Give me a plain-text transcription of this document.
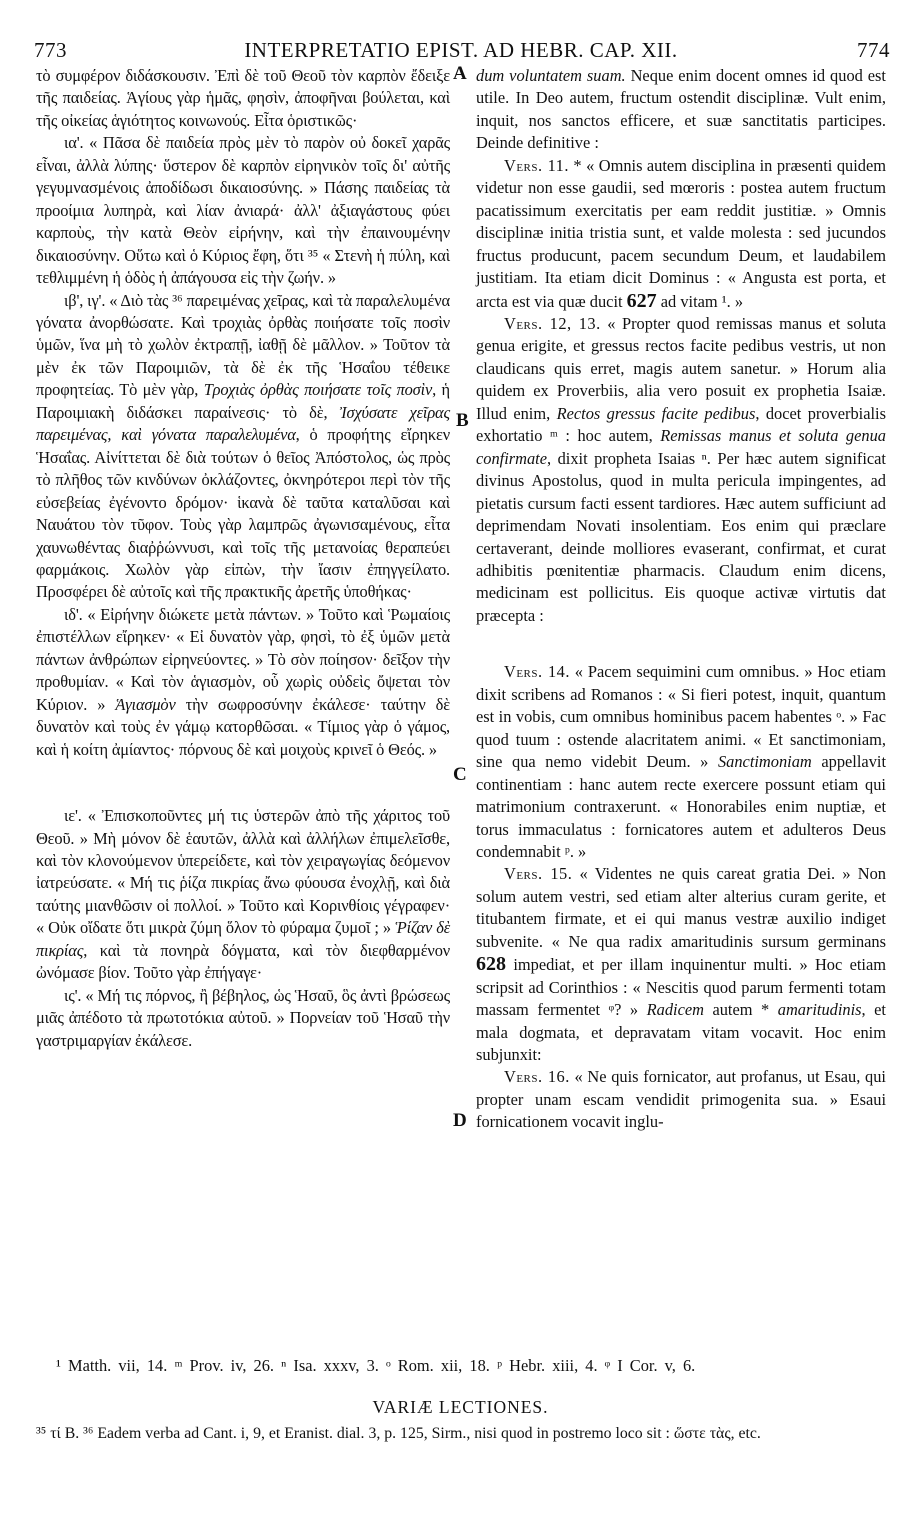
773	INTERPRETATIO EPIST. AD HEBR. CAP. XII.	774

τὸ συμφέρον διδάσκουσιν. Ἐπὶ δὲ τοῦ Θεοῦ τὸν καρπὸν ἔδειξε τῆς παιδείας. Ἁγίους γὰρ ἡμᾶς, φησὶν, ἀποφῆναι βούλεται, καὶ τῆς οἰκείας ἁγιότητος κοινωνούς. Εἶτα ὁριστικῶς·

ια'. « Πᾶσα δὲ παιδεία πρὸς μὲν τὸ παρὸν οὐ δοκεῖ χαρᾶς εἶναι, ἀλλὰ λύπης· ὕστερον δὲ καρπὸν εἰρηνικὸν τοῖς δι' αὐτῆς γεγυμνασμένοις ἀποδίδωσι δικαιοσύνης. » Πάσης παιδείας τὰ προοίμια λυπηρὰ, καὶ λίαν ἀνιαρά· ἀλλ' ἀξιαγάστους φύει καρποὺς, τὴν κατὰ Θεὸν εἰρήνην, καὶ τὴν ἐπαινουμένην δικαιοσύνην. Οὕτω καὶ ὁ Κύριος ἔφη, ὅτι ³⁵ « Στενὴ ἡ πύλη, καὶ τεθλιμμένη ἡ ὁδὸς ἡ ἀπάγουσα εἰς τὴν ζωήν. »

ιβ', ιγ'. « Διὸ τὰς ³⁶ παρειμένας χεῖρας, καὶ τὰ παραλελυμένα γόνατα ἀνορθώσατε. Καὶ τροχιὰς ὀρθὰς ποιήσατε τοῖς ποσὶν ὑμῶν, ἵνα μὴ τὸ χωλὸν ἐκτραπῇ, ἰαθῇ δὲ μᾶλλον. » Τοῦτον τὰ μὲν ἐκ τῶν Παροιμιῶν, τὰ δὲ ἐκ τῆς Ἡσαΐου τέθεικε προφητείας. Τὸ μὲν γὰρ, Τροχιὰς ὀρθὰς ποιήσατε τοῖς ποσὶν, ἡ Παροιμιακὴ διδάσκει παραίνεσις· τὸ δὲ, Ἰσχύσατε χεῖρας παρειμένας, καὶ γόνατα παραλελυμένα, ὁ προφήτης εἴρηκεν Ἡσαΐας. Αἰνίττεται δὲ διὰ τούτων ὁ θεῖος Ἀπόστολος, ὡς πρὸς τὸ πλῆθος τῶν κινδύνων ὀκλάζοντες, ὀκνηρότεροι περὶ τὸν τῆς εὐσεβείας ἐγένοντο δρόμον· ἱκανὰ δὲ ταῦτα καταλῦσαι καὶ Ναυάτου τὸν τῦφον. Τοὺς γὰρ λαμπρῶς ἀγωνισαμένους, εἶτα χαυνωθέντας διαῤῥώννυσι, καὶ τοῖς τῆς μετανοίας θεραπεύει φαρμάκοις. Χωλὸν γὰρ εἰπὼν, τὴν ἴασιν ἐπηγγείλατο. Προσφέρει δὲ αὐτοῖς καὶ τῆς πρακτικῆς ἀρετῆς ὑποθήκας·

ιδ'. « Εἰρήνην διώκετε μετὰ πάντων. » Τοῦτο καὶ Ῥωμαίοις ἐπιστέλλων εἴρηκεν· « Εἰ δυνατὸν γὰρ, φησὶ, τὸ ἐξ ὑμῶν μετὰ πάντων ἀνθρώπων εἰρηνεύοντες. » Τὸ σὸν ποίησον· δεῖξον τὴν προθυμίαν. « Καὶ τὸν ἁγιασμὸν, οὗ χωρὶς οὐδεὶς ὄψεται τὸν Κύριον. » Ἁγιασμὸν τὴν σωφροσύνην ἐκάλεσε· ταύτην δὲ δυνατὸν καὶ τοὺς ἐν γάμῳ κατορθῶσαι. « Τίμιος γὰρ ὁ γάμος, καὶ ἡ κοίτη ἀμίαντος· πόρνους δὲ καὶ μοιχοὺς κρινεῖ ὁ Θεός. »

ιε'. « Ἐπισκοποῦντες μή τις ὑστερῶν ἀπὸ τῆς χάριτος τοῦ Θεοῦ. » Μὴ μόνον δὲ ἑαυτῶν, ἀλλὰ καὶ ἀλλήλων ἐπιμελεῖσθε, καὶ τὸν κλονούμενον ὑπερείδετε, καὶ τὸν χειραγωγίας δεόμενον ἰατρεύσατε. « Μή τις ῥίζα πικρίας ἄνω φύουσα ἐνοχλῇ, καὶ διὰ ταύτης μιανθῶσιν οἱ πολλοί. » Τοῦτο καὶ Κορινθίοις γέγραφεν· « Οὐκ οἴδατε ὅτι μικρὰ ζύμη ὅλον τὸ φύραμα ζυμοῖ ; » Ῥίζαν δὲ πικρίας, καὶ τὰ πονηρὰ δόγματα, καὶ τὸν διεφθαρμένον ὠνόμασε βίον. Τοῦτο γὰρ ἐπήγαγε·

ις'. « Μή τις πόρνος, ἢ βέβηλος, ὡς Ἡσαῦ, ὃς ἀντὶ βρώσεως μιᾶς ἀπέδοτο τὰ πρωτοτόκια αὐτοῦ. » Πορνείαν τοῦ Ἡσαῦ τὴν γαστριμαργίαν ἐκάλεσε.

A
B
C
D

dum voluntatem suam. Neque enim docent omnes id quod est utile. In Deo autem, fructum ostendit disciplinæ. Vult enim, inquit, nos sanctos efficere, et suæ sanctitatis participes. Deinde definitive :

Vers. 11. * « Omnis autem disciplina in præsenti quidem videtur non esse gaudii, sed mœroris : postea autem fructum pacatissimum exercitatis per eam reddit justitiæ. » Omnis disciplinæ initia tristia sunt, et valde molesta : sed jucundos fructus producunt, pacem secundum Deum, et laudabilem justitiam. Ita etiam dicit Dominus : « Angusta est porta, et arcta est via quæ ducit 627 ad vitam ¹. »

Vers. 12, 13. « Propter quod remissas manus et soluta genua erigite, et gressus rectos facite pedibus vestris, ut non claudicans quis erret, magis autem sanetur. » Horum alia quidem ex Proverbiis, alia vero posuit ex prophetia Isaiæ. Illud enim, Rectos gressus facite pedibus, docet proverbialis exhortatio ᵐ : hoc autem, Remissas manus et soluta genua confirmate, dixit propheta Isaias ⁿ. Per hæc autem significat divinus Apostolus, quod in multa pericula impingentes, ad pietatis cursum facti essent tardiores. Hæc autem sufficiunt ad deprimendam Novati insolentiam. Eos enim qui præclare certaverant, deinde molliores evaserant, confirmat, et curat adhibitis pœnitentiæ pharmacis. Claudum enim dicens, medicinam est pollicitus. Eis quoque activæ virtutis dat præcepta :

Vers. 14. « Pacem sequimini cum omnibus. » Hoc etiam dixit scribens ad Romanos : « Si fieri potest, inquit, quantum est in vobis, cum omnibus hominibus pacem habentes ᵒ. » Fac quod tuum : ostende alacritatem animi. « Et sanctimoniam, sine qua nemo videbit Deum. » Sanctimoniam appellavit continentiam : hanc autem recte exercere possunt etiam qui matrimonium contraxerunt. « Honorabiles enim nuptiæ, et torus immaculatus : fornicatores autem et adulteros Deus condemnabit ᵖ. »

Vers. 15. « Videntes ne quis careat gratia Dei. » Non solum autem vestri, sed etiam alter alterius curam gerite, et titubantem firmate, et ei qui manus vestræ auxilio indiget subvenite. « Ne qua radix amaritudinis sursum germinans 628 impediat, et per illam inquinentur multi. » Hoc etiam scripsit ad Corinthios : « Nescitis quod parum fermenti totam massam fermentet ᵠ? » Radicem autem * amaritudinis, et mala dogmata, et depravatam vitam vocavit. Hoc enim subjunxit:

Vers. 16. « Ne quis fornicator, aut profanus, ut Esau, qui propter unam escam vendidit primogenita sua. » Esaui fornicationem vocavit inglu-

¹ Matth. vii, 14. ᵐ Prov. iv, 26. ⁿ Isa. xxxv, 3. ᵒ Rom. xii, 18. ᵖ Hebr. xiii, 4. ᵠ I Cor. v, 6.
VARIÆ LECTIONES.
³⁵ τί B. ³⁶ Eadem verba ad Cant. i, 9, et Eranist. dial. 3, p. 125, Sirm., nisi quod in postremo loco sit : ὥστε τὰς, etc.
